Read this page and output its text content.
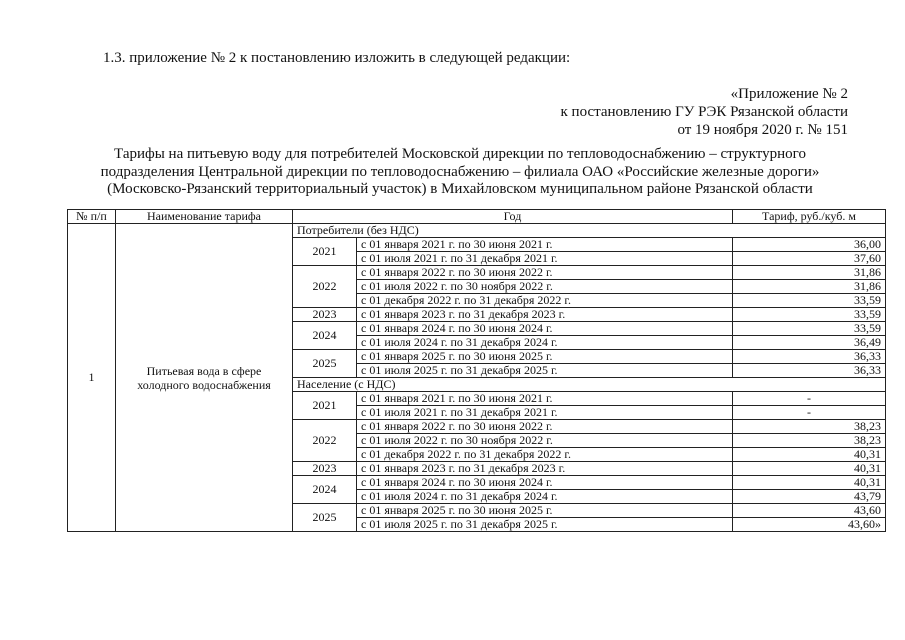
1.3. приложение № 2 к постановлению изложить в следующей редакции:
«Приложение № 2
к постановлению ГУ РЭК Рязанской области
от 19 ноября 2020 г. № 151
Тарифы на питьевую воду для потребителей Московской дирекции по тепловодоснабжению – структурного
подразделения Центральной дирекции по тепловодоснабжению – филиала ОАО «Российские железные дороги»
(Московско-Рязанский территориальный участок) в Михайловском муниципальном районе Рязанской области
№ п/п	Наименование тарифа	Год		Тариф, руб./куб. м
1	Питьевая вода в сфере холодного водоснабжения	Потребители (без НДС)		
		2021	с 01 января 2021 г. по 30 июня 2021 г.	36,00
			с 01 июля 2021 г. по 31 декабря 2021 г.	37,60
		2022	с 01 января 2022 г. по 30 июня 2022 г.	31,86
			с 01 июля 2022 г. по 30 ноября 2022 г.	31,86
			с 01 декабря 2022 г. по 31 декабря 2022 г.	33,59
		2023	с 01 января 2023 г. по 31 декабря 2023 г.	33,59
		2024	с 01 января 2024 г. по 30 июня 2024 г.	33,59
			с 01 июля 2024 г. по 31 декабря 2024 г.	36,49
		2025	с 01 января 2025 г. по 30 июня 2025 г.	36,33
			с 01 июля 2025 г. по 31 декабря 2025 г.	36,33
		Население (с НДС)		
		2021	с 01 января 2021 г. по 30 июня 2021 г.	-
			с 01 июля 2021 г. по 31 декабря 2021 г.	-
		2022	с 01 января 2022 г. по 30 июня 2022 г.	38,23
			с 01 июля 2022 г. по 30 ноября 2022 г.	38,23
			с 01 декабря 2022 г. по 31 декабря 2022 г.	40,31
		2023	с 01 января 2023 г. по 31 декабря 2023 г.	40,31
		2024	с 01 января 2024 г. по 30 июня 2024 г.	40,31
			с 01 июля 2024 г. по 31 декабря 2024 г.	43,79
		2025	с 01 января 2025 г. по 30 июня 2025 г.	43,60
			с 01 июля 2025 г. по 31 декабря 2025 г.	43,60»
